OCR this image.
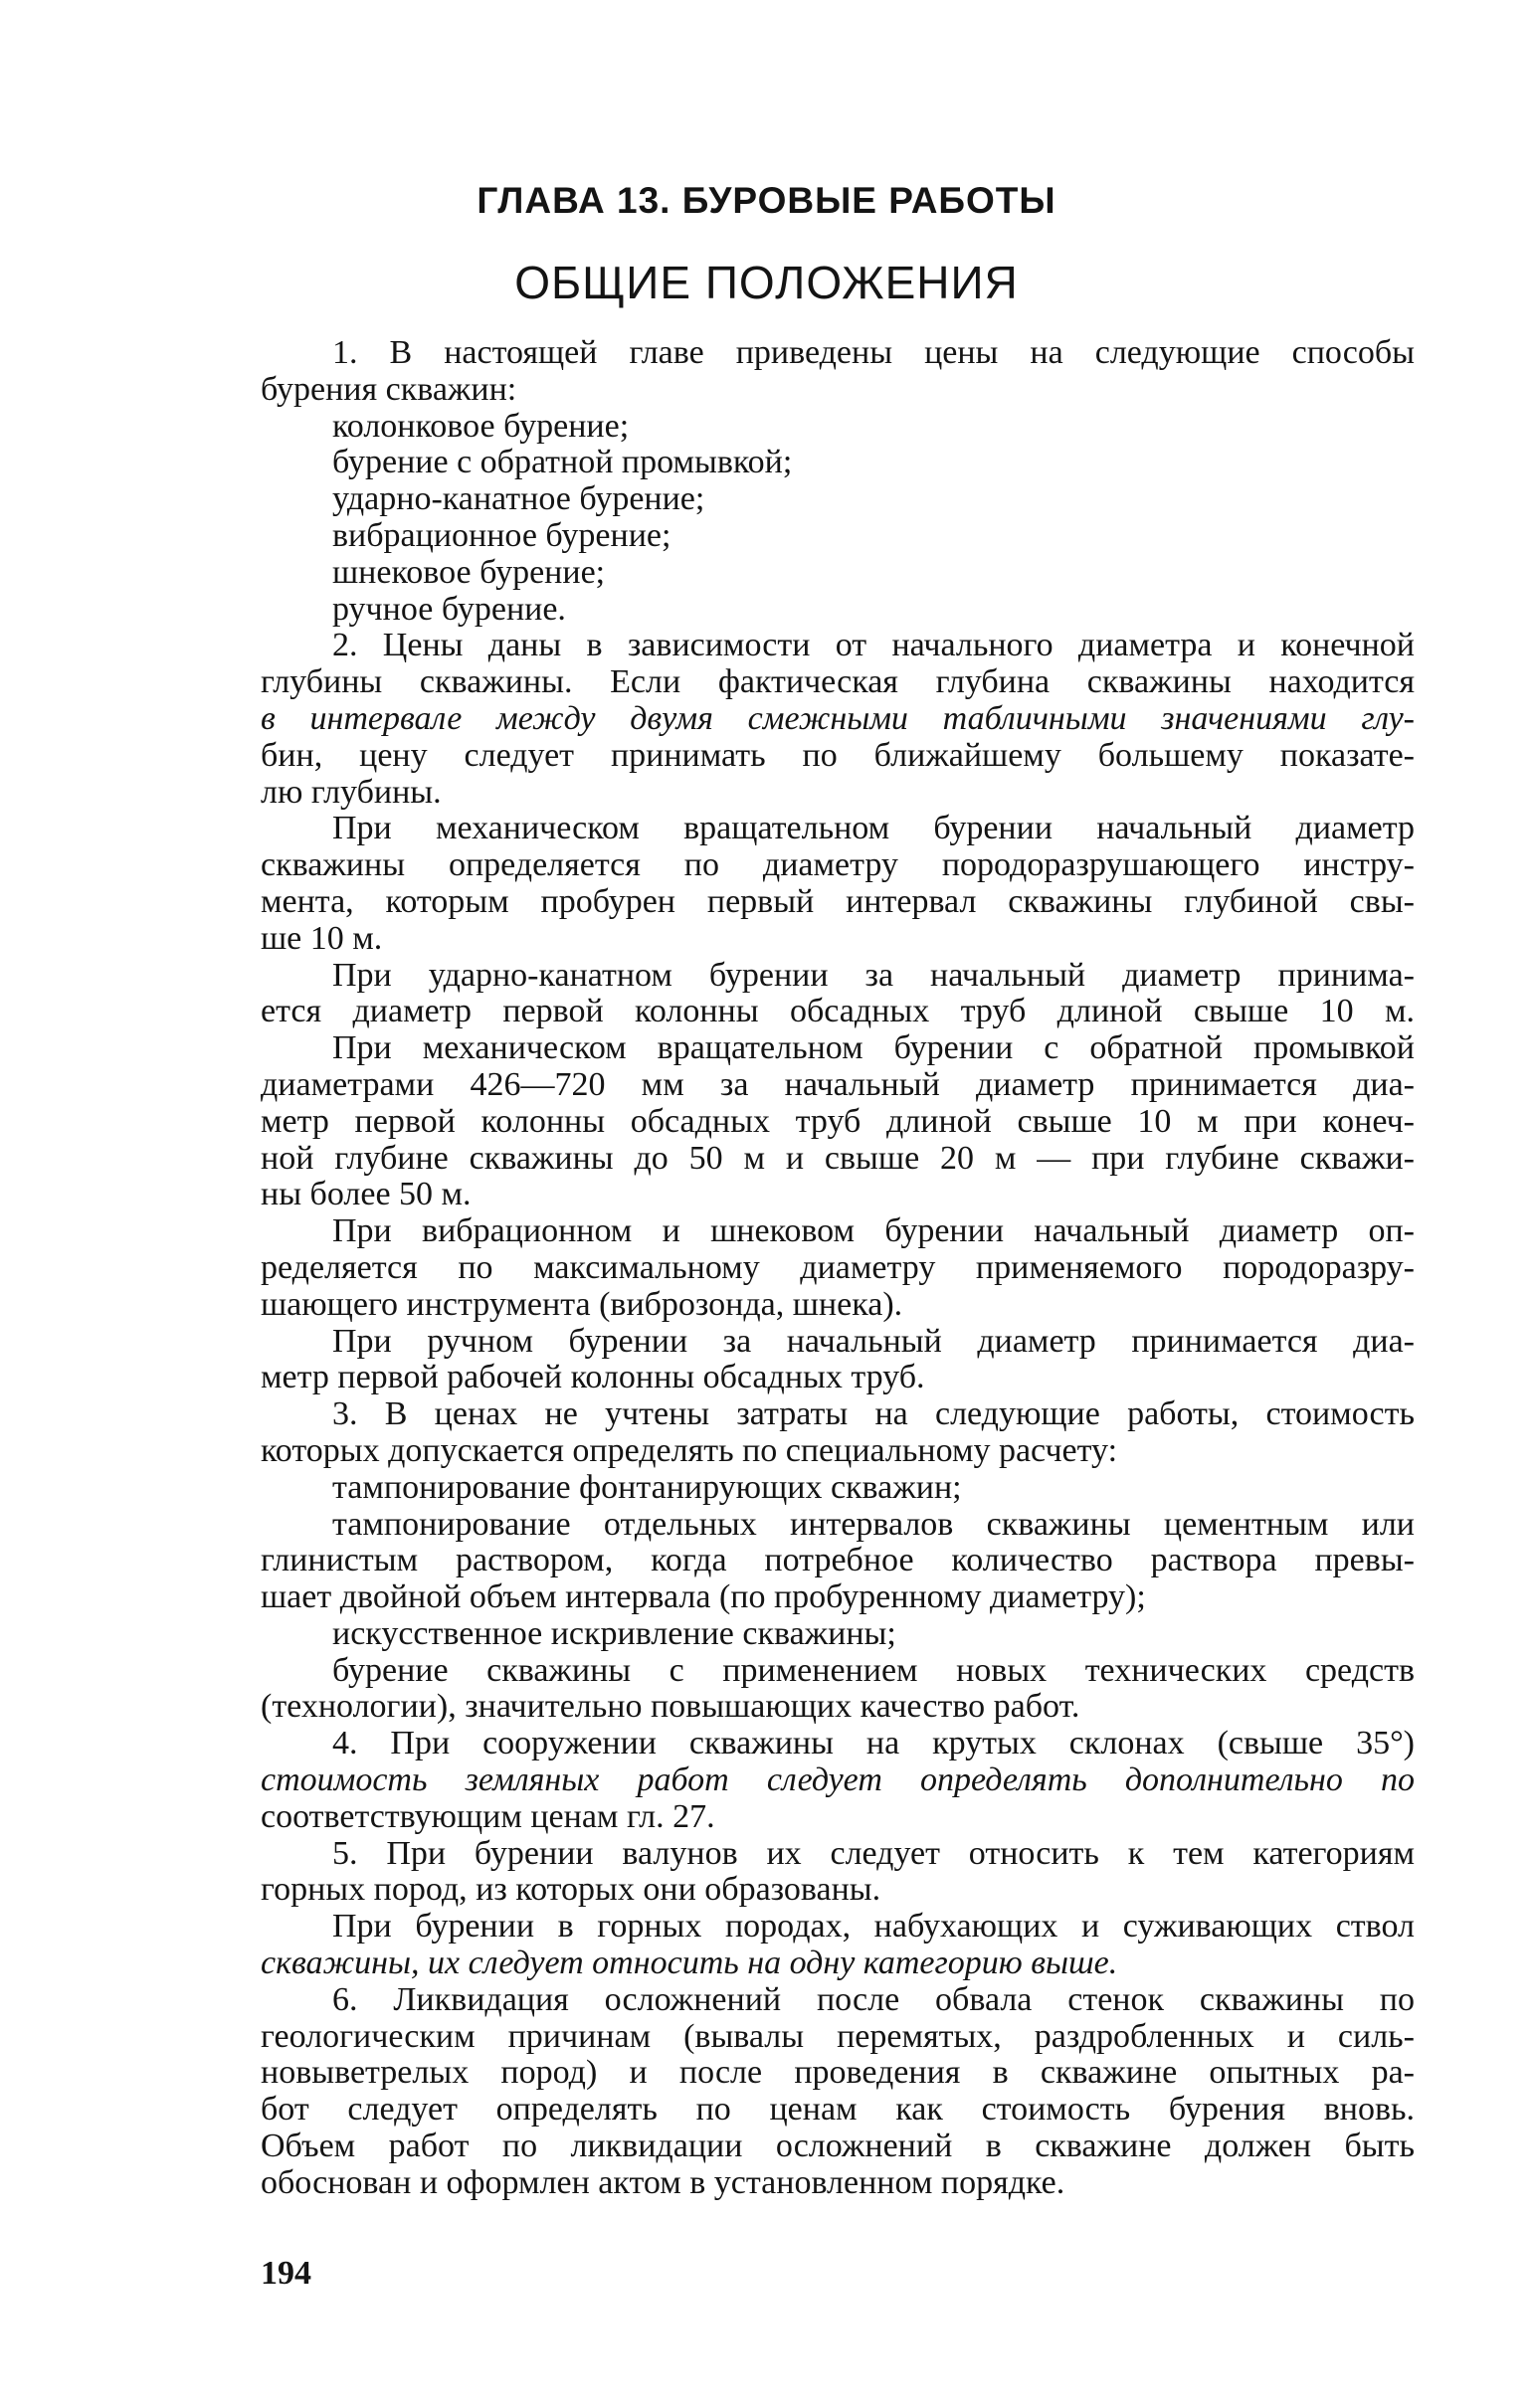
ГЛАВА 13. БУРОВЫЕ РАБОТЫ
ОБЩИЕ ПОЛОЖЕНИЯ
1. В настоящей главе приведены цены на следующие способы
бурения скважин:
колонковое бурение;
бурение с обратной промывкой;
ударно-канатное бурение;
вибрационное бурение;
шнековое бурение;
ручное бурение.
2. Цены даны в зависимости от начального диаметра и конечной
глубины скважины. Если фактическая глубина скважины находится
в интервале между двумя смежными табличными значениями глу-
бин, цену следует принимать по ближайшему большему показате-
лю глубины.
При механическом вращательном бурении начальный диаметр
скважины определяется по диаметру породоразрушающего инстру-
мента, которым пробурен первый интервал скважины глубиной свы-
ше 10 м.
При ударно-канатном бурении за начальный диаметр принима-
ется диаметр первой колонны обсадных труб длиной свыше 10 м.
При механическом вращательном бурении с обратной промывкой
диаметрами 426—720 мм за начальный диаметр принимается диа-
метр первой колонны обсадных труб длиной свыше 10 м при конеч-
ной глубине скважины до 50 м и свыше 20 м — при глубине скважи-
ны более 50 м.
При вибрационном и шнековом бурении начальный диаметр оп-
ределяется по максимальному диаметру применяемого породоразру-
шающего инструмента (виброзонда, шнека).
При ручном бурении за начальный диаметр принимается диа-
метр первой рабочей колонны обсадных труб.
3. В ценах не учтены затраты на следующие работы, стоимость
которых допускается определять по специальному расчету:
тампонирование фонтанирующих скважин;
тампонирование отдельных интервалов скважины цементным или
глинистым раствором, когда потребное количество раствора превы-
шает двойной объем интервала (по пробуренному диаметру);
искусственное искривление скважины;
бурение скважины с применением новых технических средств
(технологии), значительно повышающих качество работ.
4. При сооружении скважины на крутых склонах (свыше 35°)
стоимость земляных работ следует определять дополнительно по
соответствующим ценам гл. 27.
5. При бурении валунов их следует относить к тем категориям
горных пород, из которых они образованы.
При бурении в горных породах, набухающих и суживающих ствол
скважины, их следует относить на одну категорию выше.
6. Ликвидация осложнений после обвала стенок скважины по
геологическим причинам (вывалы перемятых, раздробленных и силь-
новыветрелых пород) и после проведения в скважине опытных ра-
бот следует определять по ценам как стоимость бурения вновь.
Объем работ по ликвидации осложнений в скважине должен быть
обоснован и оформлен актом в установленном порядке.
194
